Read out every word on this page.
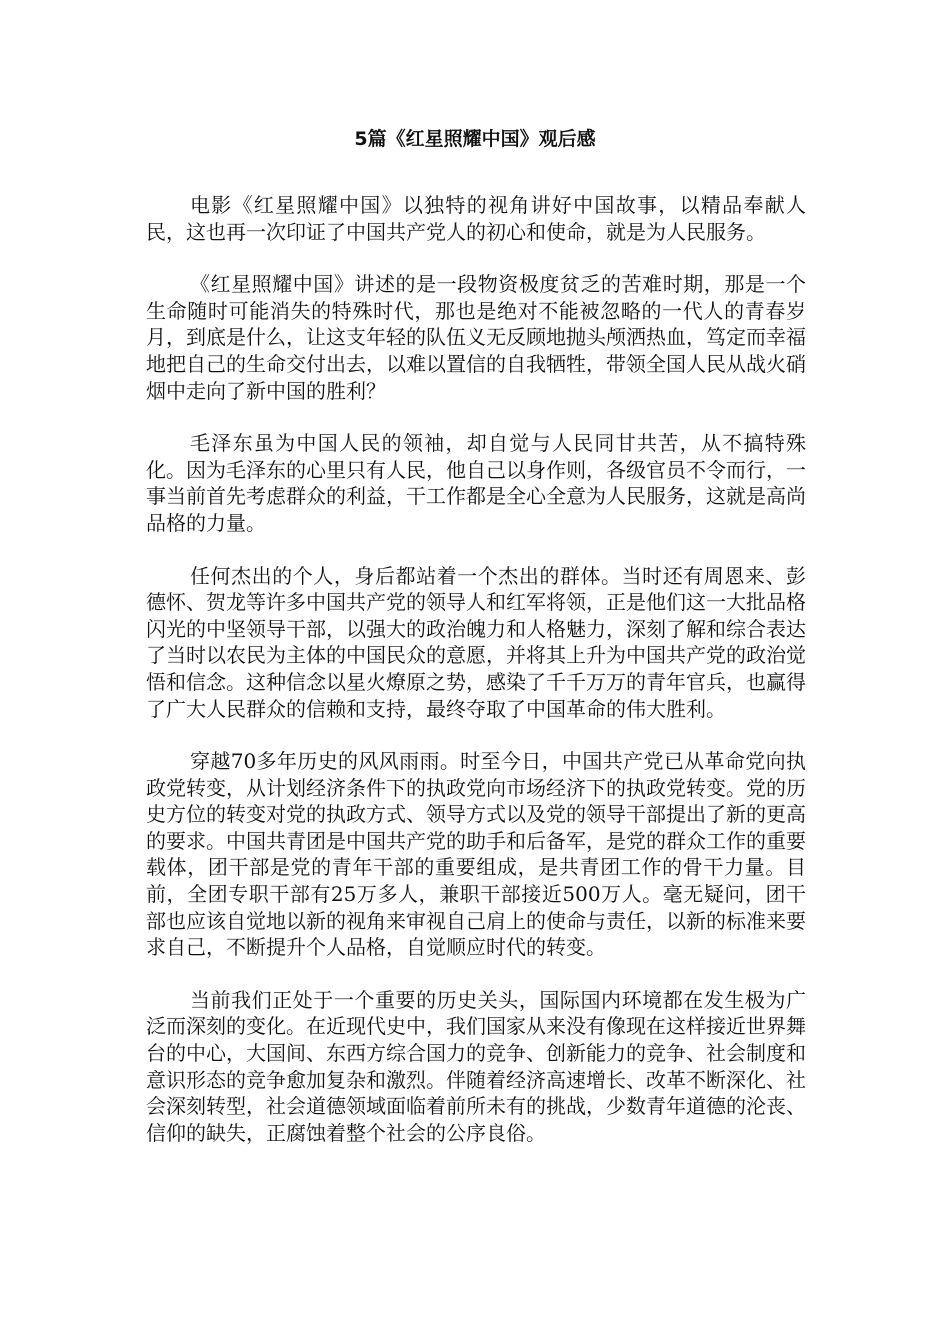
5篇《红星照耀中国》观后感

电影《红星照耀中国》以独特的视角讲好中国故事，以精品奉献人民，这也再一次印证了中国共产党人的初心和使命，就是为人民服务。

《红星照耀中国》讲述的是一段物资极度贫乏的苦难时期，那是一个生命随时可能消失的特殊时代，那也是绝对不能被忽略的一代人的青春岁月，到底是什么，让这支年轻的队伍义无反顾地抛头颅洒热血，笃定而幸福地把自己的生命交付出去，以难以置信的自我牺牲，带领全国人民从战火硝烟中走向了新中国的胜利？

毛泽东虽为中国人民的领袖，却自觉与人民同甘共苦，从不搞特殊化。因为毛泽东的心里只有人民，他自己以身作则，各级官员不令而行，一事当前首先考虑群众的利益，干工作都是全心全意为人民服务，这就是高尚品格的力量。

任何杰出的个人，身后都站着一个杰出的群体。当时还有周恩来、彭德怀、贺龙等许多中国共产党的领导人和红军将领，正是他们这一大批品格闪光的中坚领导干部，以强大的政治魄力和人格魅力，深刻了解和综合表达了当时以农民为主体的中国民众的意愿，并将其上升为中国共产党的政治觉悟和信念。这种信念以星火燎原之势，感染了千千万万的青年官兵，也赢得了广大人民群众的信赖和支持，最终夺取了中国革命的伟大胜利。

穿越70多年历史的风风雨雨。时至今日，中国共产党已从革命党向执政党转变，从计划经济条件下的执政党向市场经济下的执政党转变。党的历史方位的转变对党的执政方式、领导方式以及党的领导干部提出了新的更高的要求。中国共青团是中国共产党的助手和后备军，是党的群众工作的重要载体，团干部是党的青年干部的重要组成，是共青团工作的骨干力量。目前，全团专职干部有25万多人，兼职干部接近500万人。毫无疑问，团干部也应该自觉地以新的视角来审视自己肩上的使命与责任，以新的标准来要求自己，不断提升个人品格，自觉顺应时代的转变。

当前我们正处于一个重要的历史关头，国际国内环境都在发生极为广泛而深刻的变化。在近现代史中，我们国家从来没有像现在这样接近世界舞台的中心，大国间、东西方综合国力的竞争、创新能力的竞争、社会制度和意识形态的竞争愈加复杂和激烈。伴随着经济高速增长、改革不断深化、社会深刻转型，社会道德领域面临着前所未有的挑战，少数青年道德的沦丧、信仰的缺失，正腐蚀着整个社会的公序良俗。
